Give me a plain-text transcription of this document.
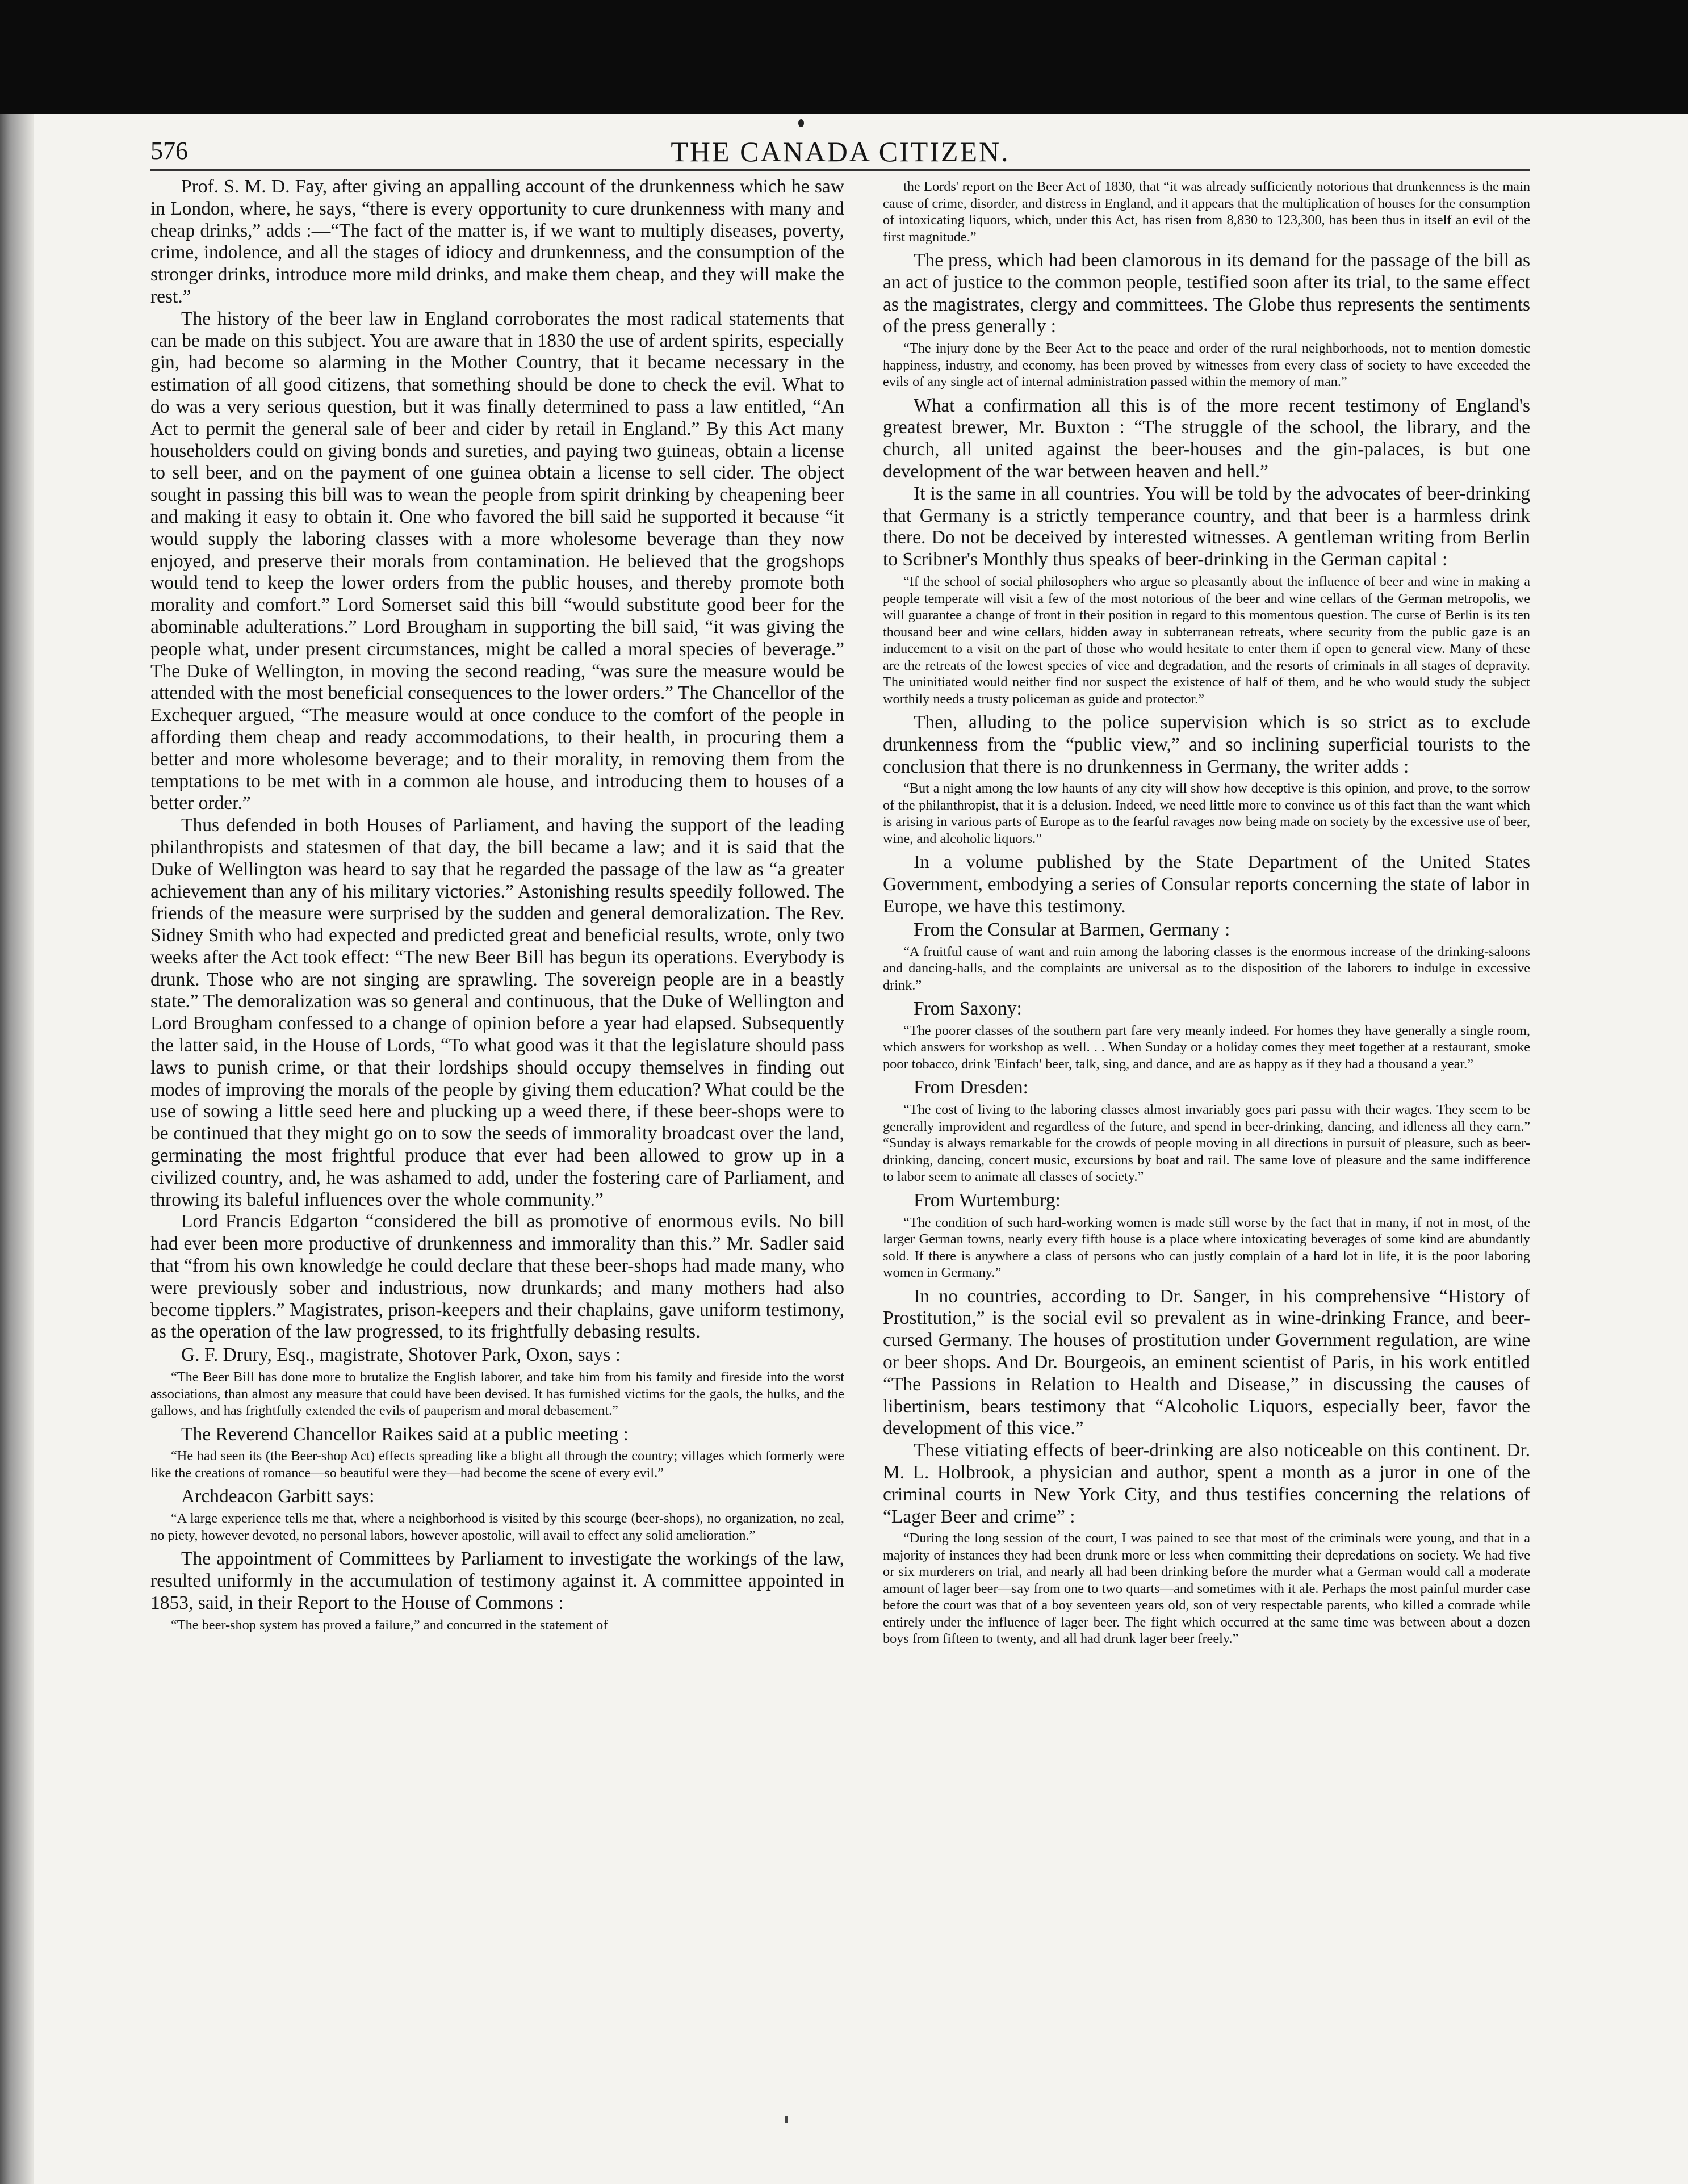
576	THE CANADA CITIZEN.

Prof. S. M. D. Fay, after giving an appalling account of the drunkenness which he saw in London, where, he says, “there is every opportunity to cure drunkenness with many and cheap drinks,” adds :—“The fact of the matter is, if we want to multiply diseases, poverty, crime, indolence, and all the stages of idiocy and drunkenness, and the consumption of the stronger drinks, introduce more mild drinks, and make them cheap, and they will make the rest.”

The history of the beer law in England corroborates the most radical statements that can be made on this subject. You are aware that in 1830 the use of ardent spirits, especially gin, had become so alarming in the Mother Country, that it became necessary in the estimation of all good citizens, that something should be done to check the evil. What to do was a very serious question, but it was finally determined to pass a law entitled, “An Act to permit the general sale of beer and cider by retail in England.” By this Act many householders could on giving bonds and sureties, and paying two guineas, obtain a license to sell beer, and on the payment of one guinea obtain a license to sell cider. The object sought in passing this bill was to wean the people from spirit drinking by cheapening beer and making it easy to obtain it. One who favored the bill said he supported it because “it would supply the laboring classes with a more wholesome beverage than they now enjoyed, and preserve their morals from contamination. He believed that the grogshops would tend to keep the lower orders from the public houses, and thereby promote both morality and comfort.” Lord Somerset said this bill “would substitute good beer for the abominable adulterations.” Lord Brougham in supporting the bill said, “it was giving the people what, under present circumstances, might be called a moral species of beverage.” The Duke of Wellington, in moving the second reading, “was sure the measure would be attended with the most beneficial consequences to the lower orders.” The Chancellor of the Exchequer argued, “The measure would at once conduce to the comfort of the people in affording them cheap and ready accommodations, to their health, in procuring them a better and more wholesome beverage; and to their morality, in removing them from the temptations to be met with in a common ale house, and introducing them to houses of a better order.”

Thus defended in both Houses of Parliament, and having the support of the leading philanthropists and statesmen of that day, the bill became a law; and it is said that the Duke of Wellington was heard to say that he regarded the passage of the law as “a greater achievement than any of his military victories.” Astonishing results speedily followed. The friends of the measure were surprised by the sudden and general demoralization. The Rev. Sidney Smith who had expected and predicted great and beneficial results, wrote, only two weeks after the Act took effect: “The new Beer Bill has begun its operations. Everybody is drunk. Those who are not singing are sprawling. The sovereign people are in a beastly state.” The demoralization was so general and continuous, that the Duke of Wellington and Lord Brougham confessed to a change of opinion before a year had elapsed. Subsequently the latter said, in the House of Lords, “To what good was it that the legislature should pass laws to punish crime, or that their lordships should occupy themselves in finding out modes of improving the morals of the people by giving them education? What could be the use of sowing a little seed here and plucking up a weed there, if these beer-shops were to be continued that they might go on to sow the seeds of immorality broadcast over the land, germinating the most frightful produce that ever had been allowed to grow up in a civilized country, and, he was ashamed to add, under the fostering care of Parliament, and throwing its baleful influences over the whole community.”

Lord Francis Edgarton “considered the bill as promotive of enormous evils. No bill had ever been more productive of drunkenness and immorality than this.” Mr. Sadler said that “from his own knowledge he could declare that these beer-shops had made many, who were previously sober and industrious, now drunkards; and many mothers had also become tipplers.” Magistrates, prison-keepers and their chaplains, gave uniform testimony, as the operation of the law progressed, to its frightfully debasing results.

G. F. Drury, Esq., magistrate, Shotover Park, Oxon, says :

“The Beer Bill has done more to brutalize the English laborer, and take him from his family and fireside into the worst associations, than almost any measure that could have been devised. It has furnished victims for the gaols, the hulks, and the gallows, and has frightfully extended the evils of pauperism and moral debasement.”

The Reverend Chancellor Raikes said at a public meeting :

“He had seen its (the Beer-shop Act) effects spreading like a blight all through the country; villages which formerly were like the creations of romance—so beautiful were they—had become the scene of every evil.”

Archdeacon Garbitt says:

“A large experience tells me that, where a neighborhood is visited by this scourge (beer-shops), no organization, no zeal, no piety, however devoted, no personal labors, however apostolic, will avail to effect any solid amelioration.”

The appointment of Committees by Parliament to investigate the workings of the law, resulted uniformly in the accumulation of testimony against it. A committee appointed in 1853, said, in their Report to the House of Commons :

“The beer-shop system has proved a failure,” and concurred in the statement of

the Lords' report on the Beer Act of 1830, that “it was already sufficiently notorious that drunkenness is the main cause of crime, disorder, and distress in England, and it appears that the multiplication of houses for the consumption of intoxicating liquors, which, under this Act, has risen from 8,830 to 123,300, has been thus in itself an evil of the first magnitude.”

The press, which had been clamorous in its demand for the passage of the bill as an act of justice to the common people, testified soon after its trial, to the same effect as the magistrates, clergy and committees. The Globe thus represents the sentiments of the press generally :

“The injury done by the Beer Act to the peace and order of the rural neighborhoods, not to mention domestic happiness, industry, and economy, has been proved by witnesses from every class of society to have exceeded the evils of any single act of internal administration passed within the memory of man.”

What a confirmation all this is of the more recent testimony of England's greatest brewer, Mr. Buxton : “The struggle of the school, the library, and the church, all united against the beer-houses and the gin-palaces, is but one development of the war between heaven and hell.”

It is the same in all countries. You will be told by the advocates of beer-drinking that Germany is a strictly temperance country, and that beer is a harmless drink there. Do not be deceived by interested witnesses. A gentleman writing from Berlin to Scribner's Monthly thus speaks of beer-drinking in the German capital :

“If the school of social philosophers who argue so pleasantly about the influence of beer and wine in making a people temperate will visit a few of the most notorious of the beer and wine cellars of the German metropolis, we will guarantee a change of front in their position in regard to this momentous question. The curse of Berlin is its ten thousand beer and wine cellars, hidden away in subterranean retreats, where security from the public gaze is an inducement to a visit on the part of those who would hesitate to enter them if open to general view. Many of these are the retreats of the lowest species of vice and degradation, and the resorts of criminals in all stages of depravity. The uninitiated would neither find nor suspect the existence of half of them, and he who would study the subject worthily needs a trusty policeman as guide and protector.”

Then, alluding to the police supervision which is so strict as to exclude drunkenness from the “public view,” and so inclining superficial tourists to the conclusion that there is no drunkenness in Germany, the writer adds :

“But a night among the low haunts of any city will show how deceptive is this opinion, and prove, to the sorrow of the philanthropist, that it is a delusion. Indeed, we need little more to convince us of this fact than the want which is arising in various parts of Europe as to the fearful ravages now being made on society by the excessive use of beer, wine, and alcoholic liquors.”

In a volume published by the State Department of the United States Government, embodying a series of Consular reports concerning the state of labor in Europe, we have this testimony.

From the Consular at Barmen, Germany :

“A fruitful cause of want and ruin among the laboring classes is the enormous increase of the drinking-saloons and dancing-halls, and the complaints are universal as to the disposition of the laborers to indulge in excessive drink.”

From Saxony:

“The poorer classes of the southern part fare very meanly indeed. For homes they have generally a single room, which answers for workshop as well. . . When Sunday or a holiday comes they meet together at a restaurant, smoke poor tobacco, drink 'Einfach' beer, talk, sing, and dance, and are as happy as if they had a thousand a year.”

From Dresden:

“The cost of living to the laboring classes almost invariably goes pari passu with their wages. They seem to be generally improvident and regardless of the future, and spend in beer-drinking, dancing, and idleness all they earn.” “Sunday is always remarkable for the crowds of people moving in all directions in pursuit of pleasure, such as beer-drinking, dancing, concert music, excursions by boat and rail. The same love of pleasure and the same indifference to labor seem to animate all classes of society.”

From Wurtemburg:

“The condition of such hard-working women is made still worse by the fact that in many, if not in most, of the larger German towns, nearly every fifth house is a place where intoxicating beverages of some kind are abundantly sold. If there is anywhere a class of persons who can justly complain of a hard lot in life, it is the poor laboring women in Germany.”

In no countries, according to Dr. Sanger, in his comprehensive “History of Prostitution,” is the social evil so prevalent as in wine-drinking France, and beer-cursed Germany. The houses of prostitution under Government regulation, are wine or beer shops. And Dr. Bourgeois, an eminent scientist of Paris, in his work entitled “The Passions in Relation to Health and Disease,” in discussing the causes of libertinism, bears testimony that “Alcoholic Liquors, especially beer, favor the development of this vice.”

These vitiating effects of beer-drinking are also noticeable on this continent. Dr. M. L. Holbrook, a physician and author, spent a month as a juror in one of the criminal courts in New York City, and thus testifies concerning the relations of “Lager Beer and crime” :

“During the long session of the court, I was pained to see that most of the criminals were young, and that in a majority of instances they had been drunk more or less when committing their depredations on society. We had five or six murderers on trial, and nearly all had been drinking before the murder what a German would call a moderate amount of lager beer—say from one to two quarts—and sometimes with it ale. Perhaps the most painful murder case before the court was that of a boy seventeen years old, son of very respectable parents, who killed a comrade while entirely under the influence of lager beer. The fight which occurred at the same time was between about a dozen boys from fifteen to twenty, and all had drunk lager beer freely.”
